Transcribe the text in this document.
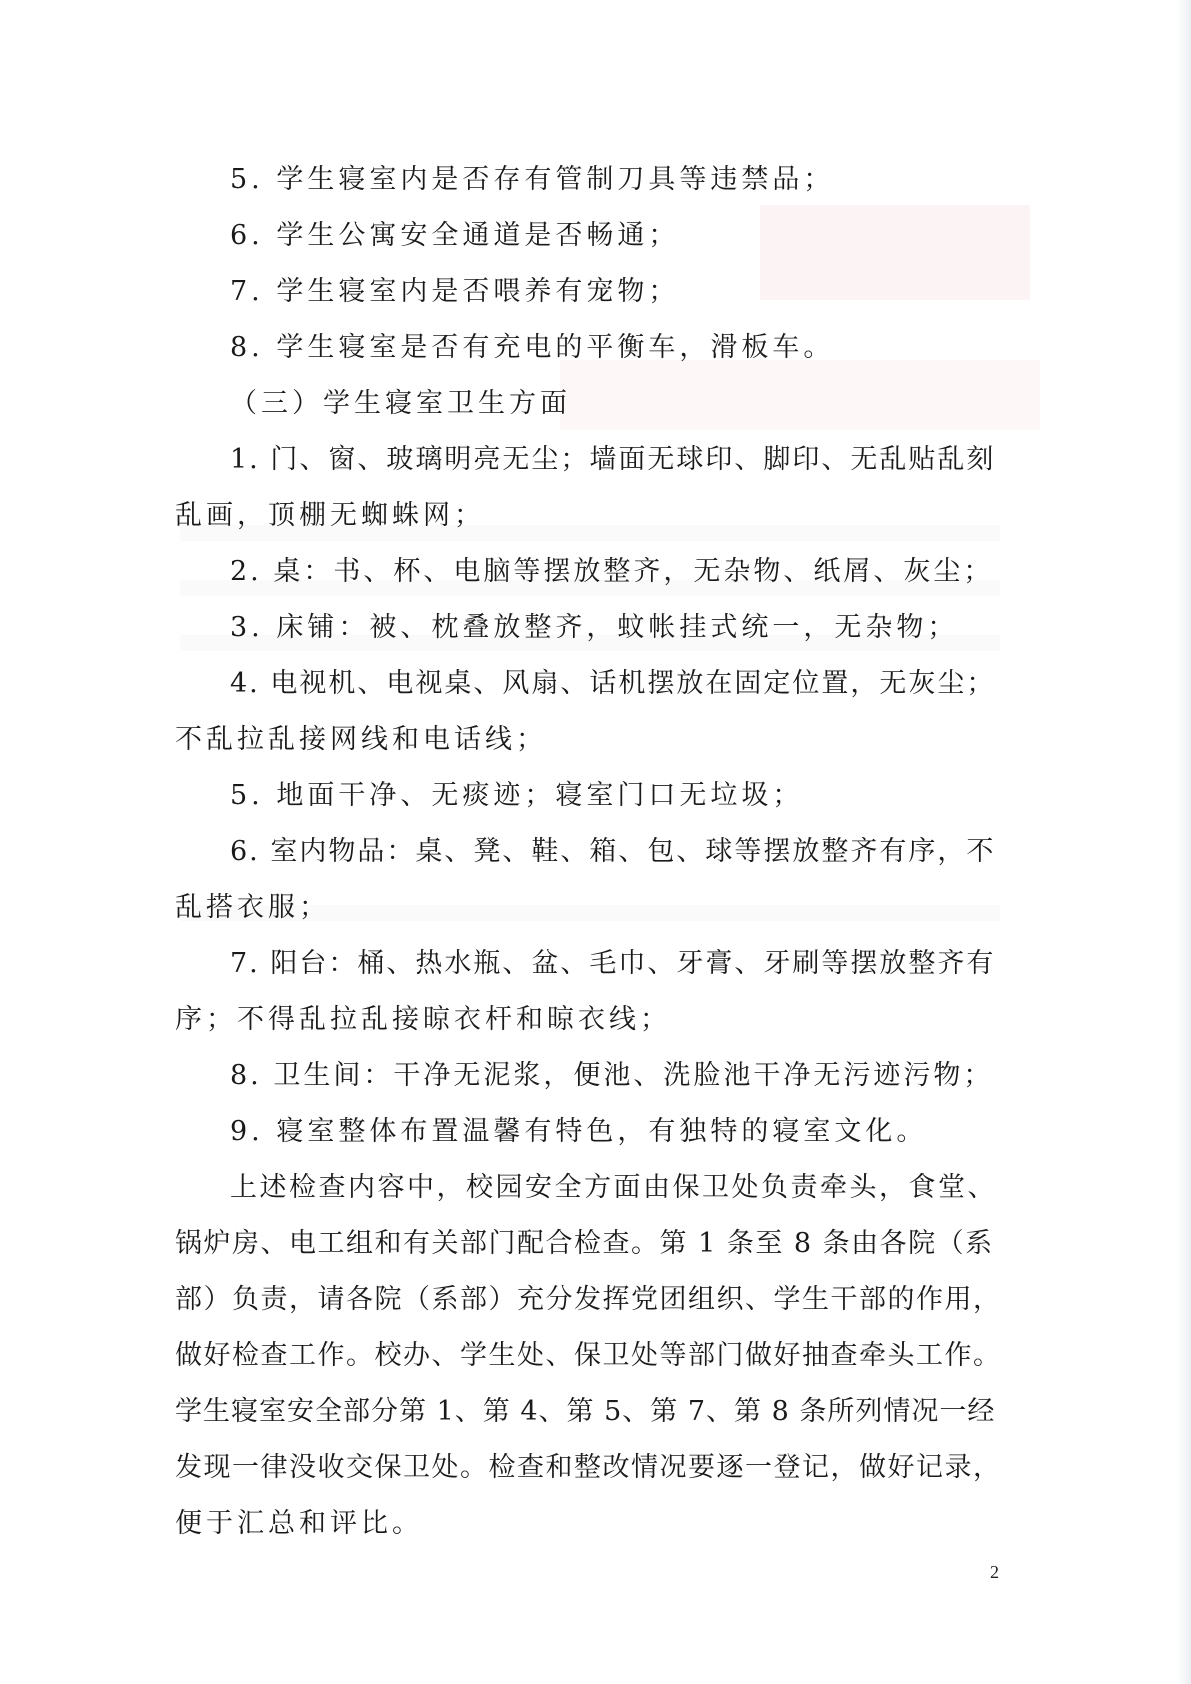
5. 学生寝室内是否存有管制刀具等违禁品；
6. 学生公寓安全通道是否畅通；
7. 学生寝室内是否喂养有宠物；
8. 学生寝室是否有充电的平衡车，滑板车。
（三）学生寝室卫生方面
1. 门、窗、玻璃明亮无尘；墙面无球印、脚印、无乱贴乱刻
乱画，顶棚无蜘蛛网；
2. 桌：书、杯、电脑等摆放整齐，无杂物、纸屑、灰尘；
3. 床铺：被、枕叠放整齐，蚊帐挂式统一，无杂物；
4. 电视机、电视桌、风扇、话机摆放在固定位置，无灰尘；
不乱拉乱接网线和电话线；
5. 地面干净、无痰迹；寝室门口无垃圾；
6. 室内物品：桌、凳、鞋、箱、包、球等摆放整齐有序，不
乱搭衣服；
7. 阳台：桶、热水瓶、盆、毛巾、牙膏、牙刷等摆放整齐有
序；不得乱拉乱接晾衣杆和晾衣线；
8. 卫生间：干净无泥浆，便池、洗脸池干净无污迹污物；
9. 寝室整体布置温馨有特色，有独特的寝室文化。
上述检查内容中，校园安全方面由保卫处负责牵头，食堂、
锅炉房、电工组和有关部门配合检查。第 1 条至 8 条由各院（系
部）负责，请各院（系部）充分发挥党团组织、学生干部的作用，
做好检查工作。校办、学生处、保卫处等部门做好抽查牵头工作。
学生寝室安全部分第 1、第 4、第 5、第 7、第 8 条所列情况一经
发现一律没收交保卫处。检查和整改情况要逐一登记，做好记录，
便于汇总和评比。
2
